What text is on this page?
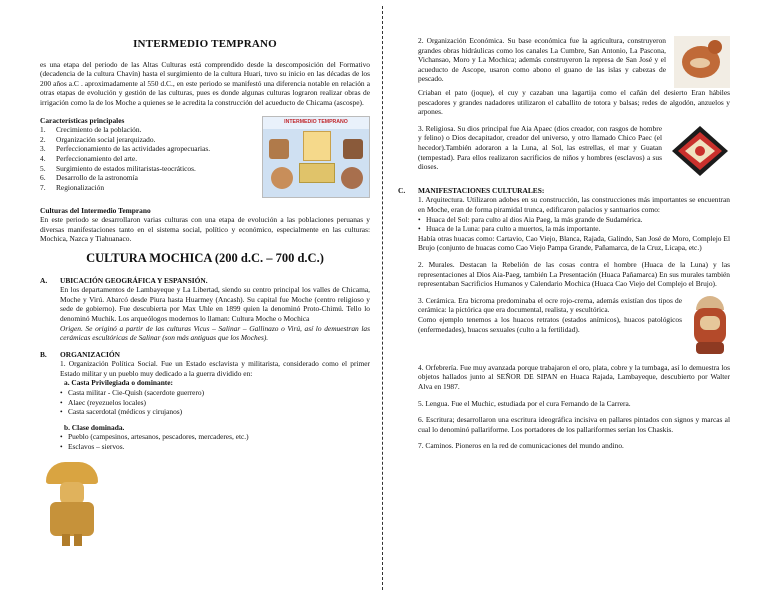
INTERMEDIO TEMPRANO

es una etapa del periodo de las Altas Culturas está comprendido desde la descomposición del Formativo (decadencia de la cultura Chavín) hasta el surgimiento de la cultura Huari, tuvo su inicio en las décadas de los 200 años a.C . aproximadamente al 550 d.C., en este periodo se manifestó una diferencia notable en relación a otras etapas de evolución y gestión de las culturas, pues es donde algunas culturas lograron realizar obras de irrigación como la de los Moche a quienes se le acredita la construcción del acueducto de Chicama (ascospe).

Características principales
1.	Crecimiento de la población.
2.	Organización social jerarquizado.
3.	Perfeccionamiento de las actividades agropecuarias.
4.	Perfeccionamiento del arte.
5.	Surgimiento de estados militaristas-teocráticos.
6.	Desarrollo de la astronomía
7.	Regionalización
INTERMEDIO TEMPRANO
Culturas del Intermedio Temprano

En este periodo se desarrollaron varias culturas con una etapa de evolución a las poblaciones peruanas y diversas manifestaciones tanto en el sistema social, político y económico, especialmente en las culturas: Mochica, Nazca y Tiahuanaco.

CULTURA MOCHICA (200 d.C. – 700 d.C.)
A.	UBICACIÓN GEOGRÁFICA Y ESPANSIÓN.

En los departamentos de Lambayeque y La Libertad, siendo su centro principal los valles de Chicama, Moche y Virú. Abarcó desde Piura hasta Huarmey (Ancash). Su capital fue Moche (centro religioso y sede de gobierno). Fue descubierta por Max Uhle en 1899 quien la denominó Proto-Chimú. Tello lo denominó Muchik. Los arqueólogos modernos lo llaman: Cultura Moche o Mochica

Origen. Se originó a partir de las culturas Vicus – Salinar – Gallinazo o Virú, así lo demuestran las cerámicas escultóricas de Salinar (son más antiguas que los Moches).

B.	ORGANIZACIÓN

1. Organización Política Social. Fue un Estado esclavista y militarista, considerado como el primer Estado militar y un pueblo muy dedicado a la guerra dividido en:

a. Casta Privilegiada o dominante:
• Casta militar - Cie-Quish (sacerdote guerrero)
• Alaec (reyezuelos locales)
• Casta sacerdotal (médicos y cirujanos)
b. Clase dominada.
• Pueblo (campesinos, artesanos, pescadores, mercaderes, etc.)
• Esclavos – siervos.

2. Organización Económica. Su base económica fue la agricultura, construyeron grandes obras hidráulicas como los canales La Cumbre, San Antonio, La Pascona, Vichansao, Moro y La Mochica; además construyeron la represa de San José y el acueducto de Ascope, usaron como abono el guano de las islas y cabezas de pescado.

Criaban el pato (joque), el cuy y cazaban una lagartija como el cañán del desierto Eran hábiles pescadores y grandes nadadores utilizaron el caballito de totora y balsas; redes de algodón, anzuelos y arpones.

3. Religiosa. Su dios principal fue Aia Apaec (dios creador, con rasgos de hombre y felino) o Dios decapitador, creador del universo, y otro llamado Chico Paec (el hecedor).También adoraron a la Luna, al Sol, las estrellas, el mar y Guatan (tempestad). Para ellos realizaron sacrificios de niños y hombres (esclavos) a sus dioses.

C.	MANIFESTACIONES CULTURALES:

1. Arquitectura. Utilizaron adobes en su construcción, las construcciones más importantes se encuentran en Moche, eran de forma piramidal trunca, edificaron palacios y santuarios como:

• Huaca del Sol: para culto al dios Aia Paeg, la más grande de Sudamérica.
• Huaca de la Luna: para culto a muertos, la más importante.

Había otras huacas como: Cartavio, Cao Viejo, Blanca, Rajada, Galindo, San José de Moro, Complejo El Brujo (conjunto de huacas como Cao Viejo Pampa Grande, Pañamarca, de la Cruz, Licapa, etc.)

2. Murales. Destacan la Rebelión de las cosas contra el hombre (Huaca de la Luna) y las representaciones al Dios Aia-Paeg, también La Presentación (Huaca Pañamarca) En sus murales también representaban Sacrificios Humanos y Calendario Mochica (Huaca Cao Viejo del Complejo el Brujo).

3. Cerámica. Era bicroma predominaba el ocre rojo-crema, además existían dos tipos de cerámica: la pictórica que era documental, realista, y escultórica.

Como ejemplo tenemos a los huacos retratos (estados anímicos), huacos patológicos (enfermedades), huacos sexuales (culto a la fertilidad).

4. Orfebrería. Fue muy avanzada porque trabajaron el oro, plata, cobre y la tumbaga, así lo demuestra los objetos hallados junto al SEÑOR DE SIPAN en Huaca Rajada, Lambayeque, descubierto por Walter Alva en 1987.

5. Lengua. Fue el Muchic, estudiada por el cura Fernando de la Carrera.

6. Escritura; desarrollaron una escritura ideográfica incisiva en pallares pintados con signos y marcas al cual lo denominó pallariforme. Los portadores de los pallariformes serían los Chaskis.

7. Caminos. Pioneros en la red de comunicaciones del mundo andino.
